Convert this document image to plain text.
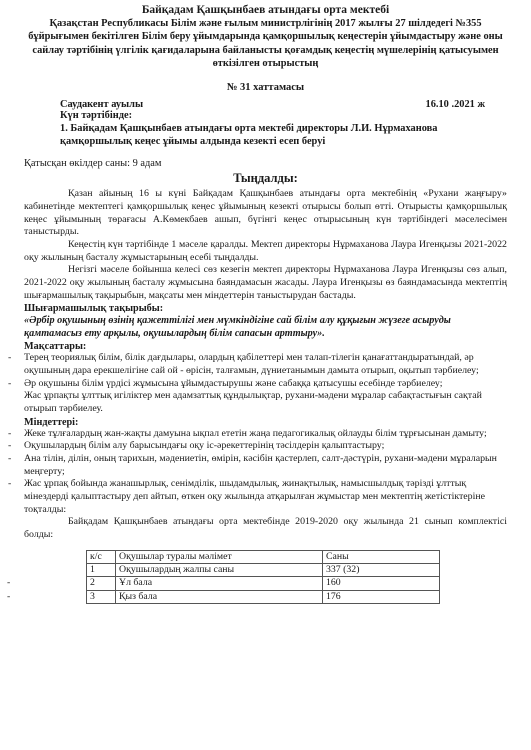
Байқадам Қашқынбаев атындағы орта мектебі
Қазақстан Республикасы Білім және ғылым министрлігінің 2017 жылғы 27 шілдедегі №355 бұйрығымен бекітілген Білім беру ұйымдарында қамқоршылық кеңестерін ұйымдастыру және оны сайлау тәртібінің үлгілік қағидаларына байланысты қоғамдық кеңестің мүшелерінің қатысуымен өткізілген отырыстың
№ 31 хаттамасы
Саудакент ауылы	16.10 .2021 ж
Күн тәртібінде:
1. Байқадам Қашқынбаев атындағы орта мектебі директоры Л.И. Нұрмаханова қамқоршылық кеңес ұйымы алдында кезекті есеп беруі
Қатысқан өкілдер саны: 9 адам
Тыңдалды:

Қазан айының 16 ы күні Байқадам Қашқынбаев атындағы орта мектебінің «Рухани жаңғыру» кабинетінде мектептегі қамқоршылық кеңес ұйымының кезекті отырысы болып өтті. Отырысты қамқоршылық кеңес ұйымының төрағасы А.Көмекбаев ашып, бүгінгі кеңес отырысының күн тәртібіндегі мәселесімен таныстырды.

Кеңестің күн тәртібінде 1 мәселе қаралды. Мектеп директоры Нұрмаханова Лаура Игенқызы 2021-2022 оқу жылының басталу жұмыстарының есебі тыңдалды.

Негізгі мәселе бойынша келесі сөз кезегін мектеп директоры Нұрмаханова Лаура Игенқызы сөз алып, 2021-2022 оқу жылының басталу жұмысына баяндамасын жасады. Лаура Игенқызы өз баяндамасында мектептің шығармашылық тақырыбын, мақсаты мен міндеттерін таныстырудан бастады.

Шығармашылық тақырыбы:
«Әрбір оқушының өзінің қажеттілігі мен мүмкіндігіне сай білім алу құқығын жүзеге асыруды қамтамасыз ету арқылы, оқушылардың білім сапасын арттыру».
Мақсаттары:
- Терең теориялық білім, білік дағдылары, олардың қабілеттері мен талап-тілегін қанағаттандыратындай, әр оқушының дара ерекшелігіне сай ой - өрісін, талғамын, дүниетанымын дамыта отырып, оқытып тәрбиелеу;
- Әр оқушыны білім үрдісі жұмысына ұйымдастырушы және сабаққа қатысушы есебінде тәрбиелеу;
Жас ұрпақты ұлттық игіліктер мен адамзаттық құндылықтар, рухани-мәдени мұралар сабақтастығын сақтай отырып тәрбиелеу.
Міндеттері:
- Жеке тұлғалардың жан-жақты дамуына ықпал ететін жаңа педагогикалық ойлауды білім тұрғысынан дамыту;
- Оқушылардың білім алу барысындағы оқу іс-әрекеттерінің тәсілдерін қалыптастыру;
- Ана тілін, ділін, оның тарихын, мәдениетін, өмірін, кәсібін қастерлеп, салт-дәстүрін, рухани-мәдени мұраларын меңгерту;
- Жас ұрпақ бойында жанашырлық, сенімділік, шыдамдылық, жинақтылық, намысшылдық тәрізді ұлттық мінездерді қалыптастыру деп айтып, өткен оқу жылында атқарылған жұмыстар мен мектептің жетістіктеріне тоқталды:

Байқадам Қашқынбаев атындағы орта мектебінде 2019-2020 оқу жылында 21 сынып комплектісі болды:

к/с	Оқушылар туралы мәлімет	Саны

1	Оқушылардың жалпы саны	337 (32)

- 2	Ұл бала	160

- 3	Қыз бала	176
